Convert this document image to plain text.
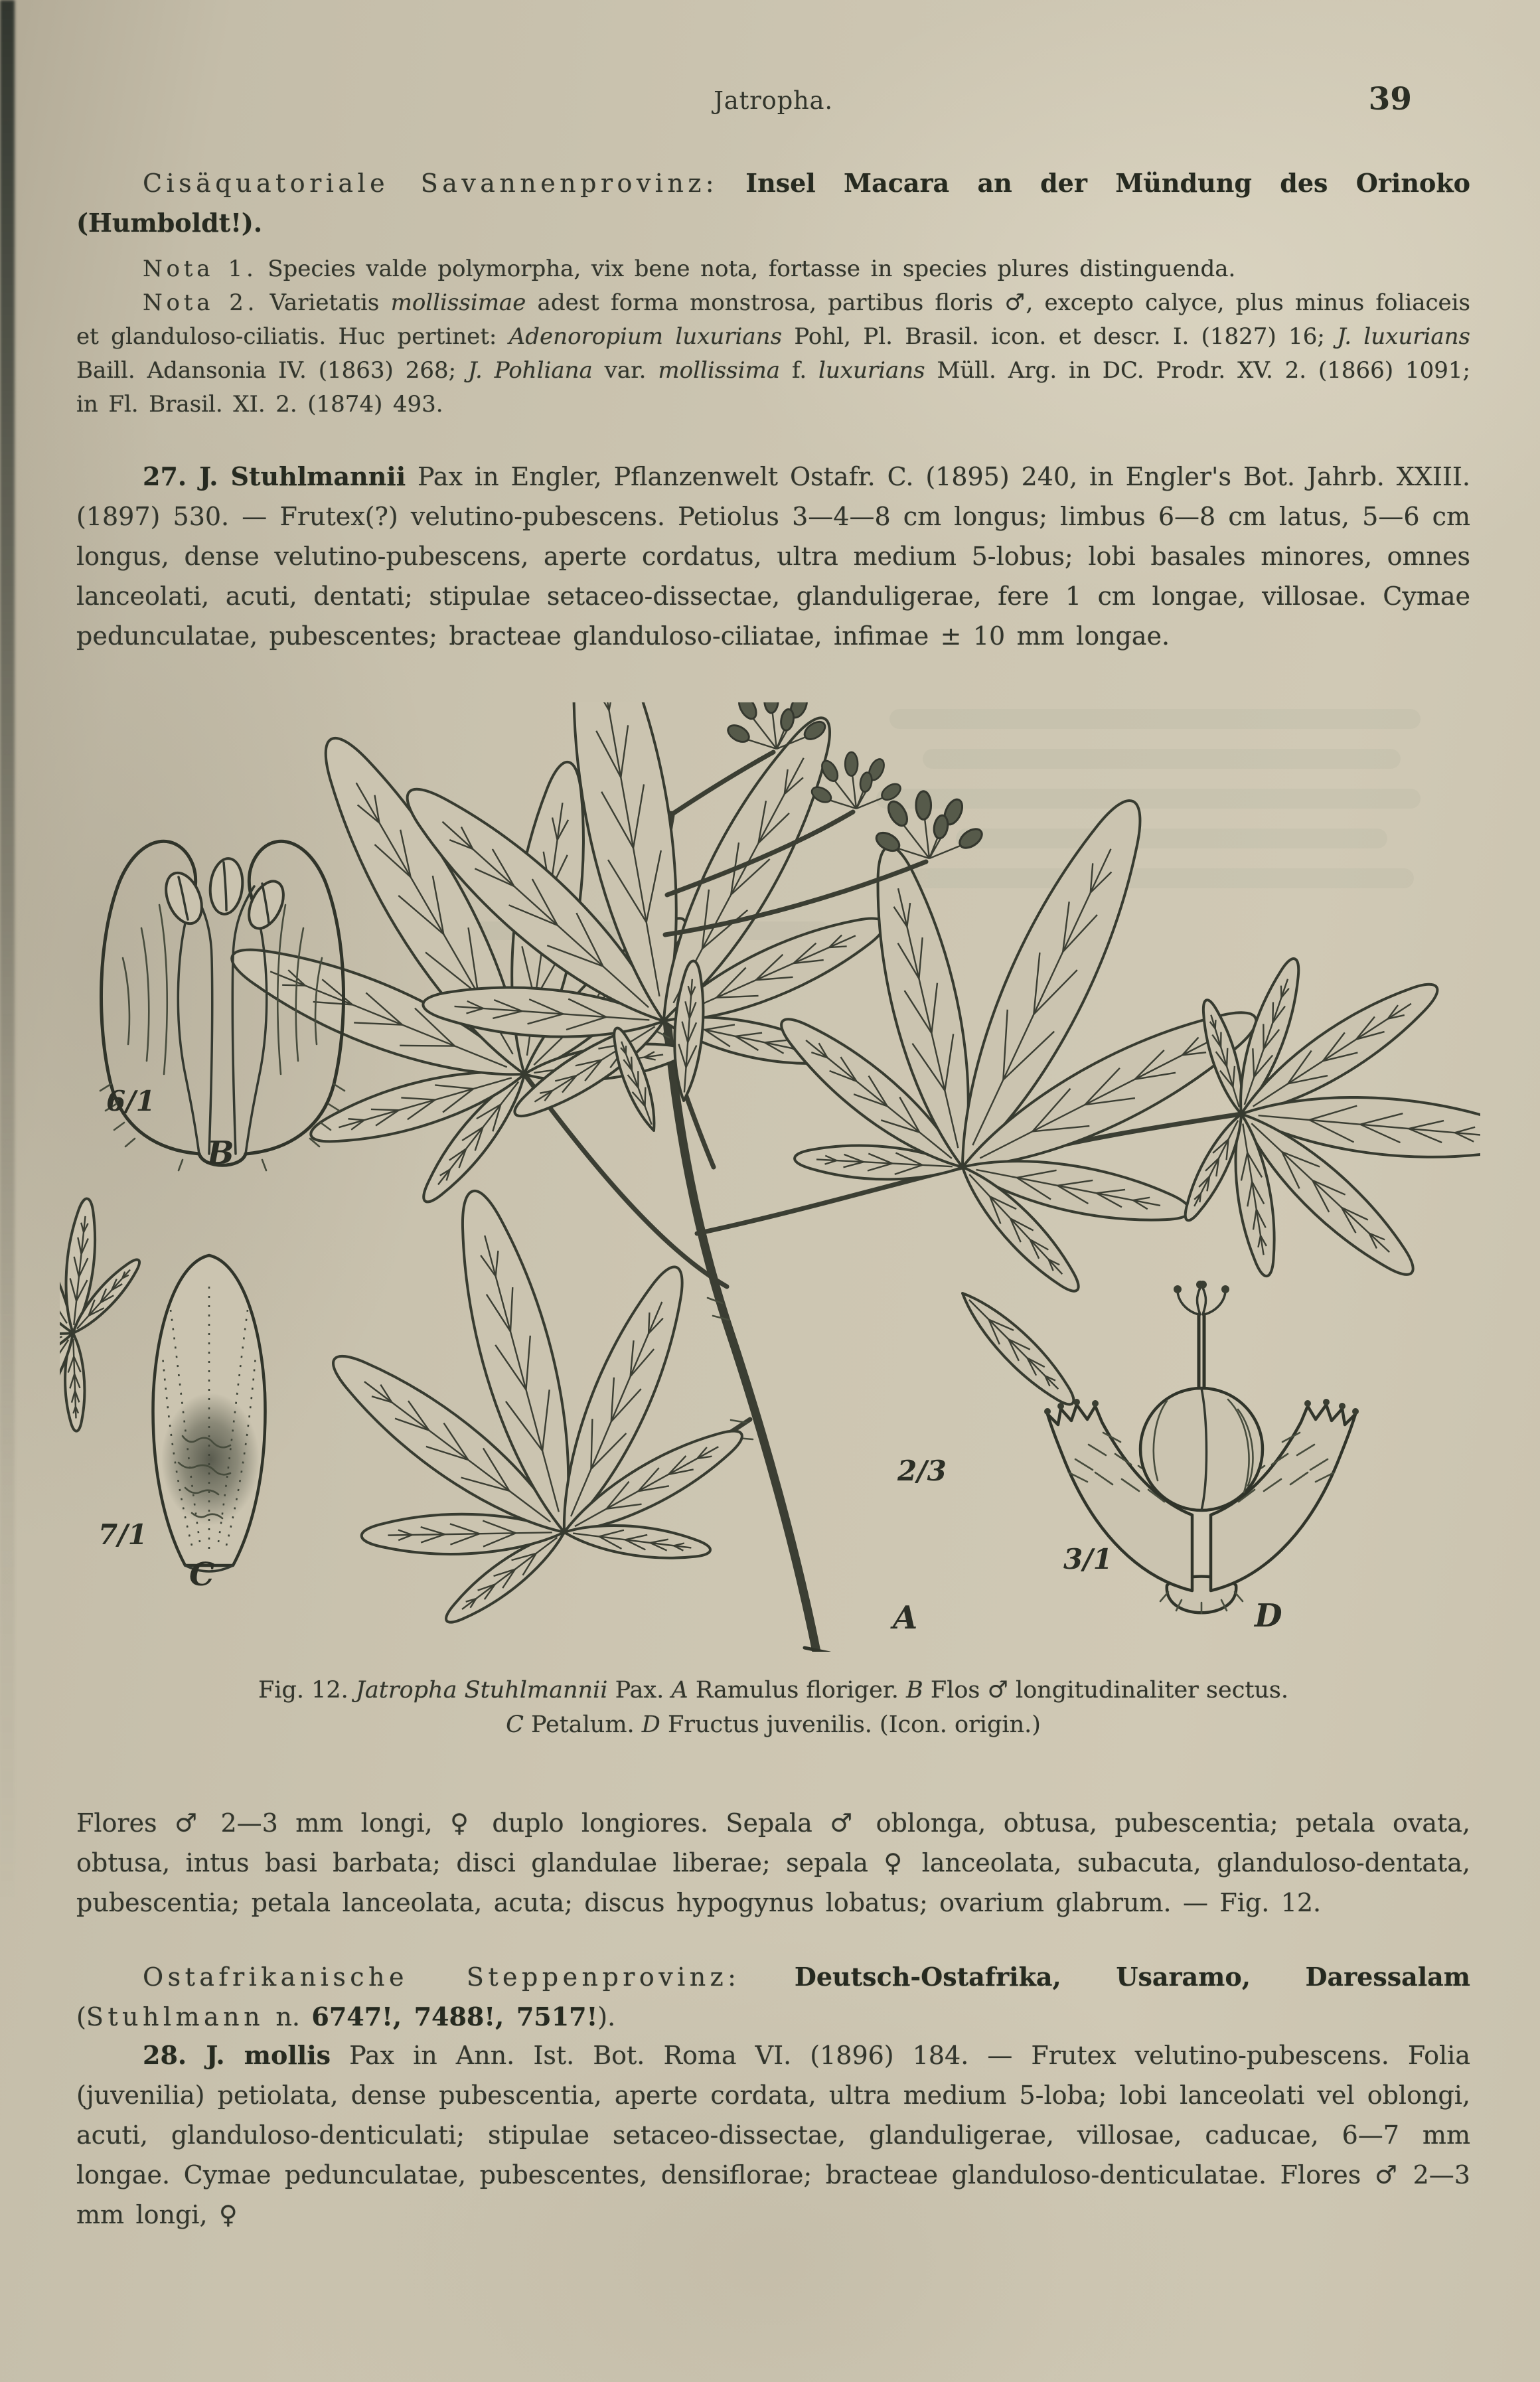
Jatropha.	39

Cisäquatoriale Savannenprovinz: Insel Macara an der Mündung des Orinoko (Humboldt!).

Nota 1. Species valde polymorpha, vix bene nota, fortasse in species plures distinguenda.

Nota 2. Varietatis mollissimae adest forma monstrosa, partibus floris ♂, excepto calyce, plus minus foliaceis et glanduloso-ciliatis. Huc pertinet: Adenoropium luxurians Pohl, Pl. Brasil. icon. et descr. I. (1827) 16; J. luxurians Baill. Adansonia IV. (1863) 268; J. Pohliana var. mollissima f. luxurians Müll. Arg. in DC. Prodr. XV. 2. (1866) 1091; in Fl. Brasil. XI. 2. (1874) 493.

27. J. Stuhlmannii Pax in Engler, Pflanzenwelt Ostafr. C. (1895) 240, in Engler's Bot. Jahrb. XXIII. (1897) 530. — Frutex(?) velutino-pubescens. Petiolus 3—4—8 cm longus; limbus 6—8 cm latus, 5—6 cm longus, dense velutino-pubescens, aperte cordatus, ultra medium 5-lobus; lobi basales minores, omnes lanceolati, acuti, dentati; stipulae setaceo-dissectae, glanduligerae, fere 1 cm longae, villosae. Cymae pedunculatae, pubescentes; bracteae glanduloso-ciliatae, infimae ± 10 mm longae.

6/1
B
7/1
C
2/3
A
3/1
D

Fig. 12. Jatropha Stuhlmannii Pax. A Ramulus floriger. B Flos ♂ longitudinaliter sectus.

C Petalum. D Fructus juvenilis. (Icon. origin.)

Flores ♂ 2—3 mm longi, ♀ duplo longiores. Sepala ♂ oblonga, obtusa, pubescentia; petala ovata, obtusa, intus basi barbata; disci glandulae liberae; sepala ♀ lanceolata, subacuta, glanduloso-dentata, pubescentia; petala lanceolata, acuta; discus hypogynus lobatus; ovarium glabrum. — Fig. 12.

Ostafrikanische Steppenprovinz: Deutsch-Ostafrika, Usaramo, Daressalam (Stuhlmann n. 6747!, 7488!, 7517!).

28. J. mollis Pax in Ann. Ist. Bot. Roma VI. (1896) 184. — Frutex velutino-pubescens. Folia (juvenilia) petiolata, dense pubescentia, aperte cordata, ultra medium 5-loba; lobi lanceolati vel oblongi, acuti, glanduloso-denticulati; stipulae setaceo-dissectae, glanduligerae, villosae, caducae, 6—7 mm longae. Cymae pedunculatae, pubescentes, densiflorae; bracteae glanduloso-denticulatae. Flores ♂ 2—3 mm longi, ♀
